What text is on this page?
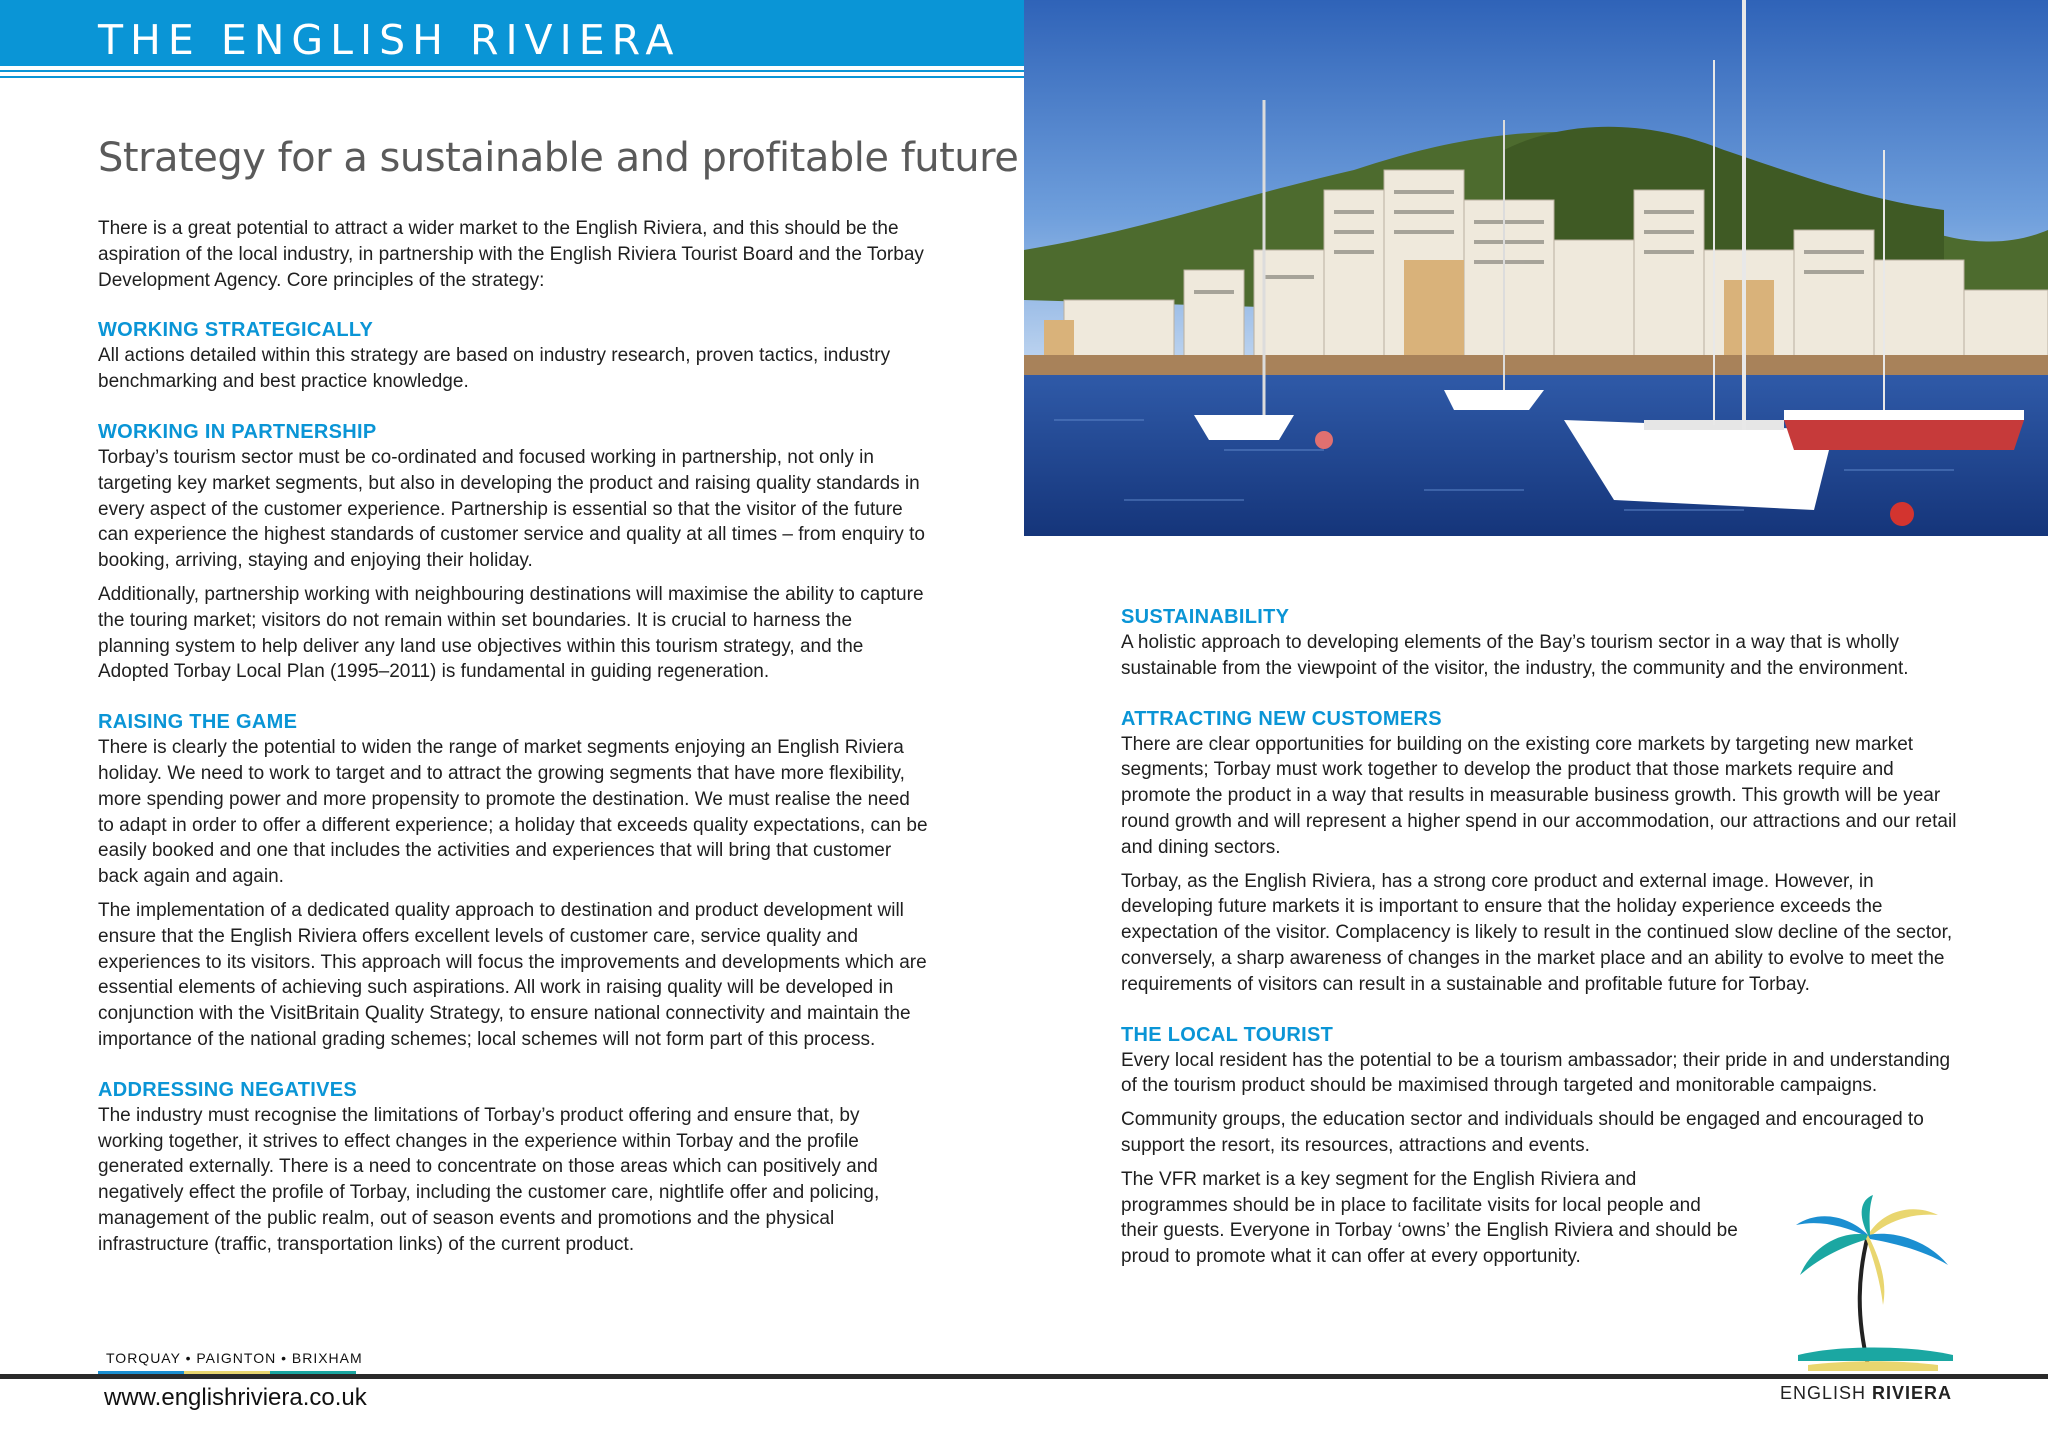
THE ENGLISH RIVIERA
Strategy for a sustainable and profitable future

There is a great potential to attract a wider market to the English Riviera, and this should be the aspiration of the local industry, in partnership with the English Riviera Tourist Board and the Torbay Development Agency. Core principles of the strategy:

WORKING STRATEGICALLY

All actions detailed within this strategy are based on industry research, proven tactics, industry benchmarking and best practice knowledge.

WORKING IN PARTNERSHIP

Torbay’s tourism sector must be co-ordinated and focused working in partnership, not only in targeting key market segments, but also in developing the product and raising quality standards in every aspect of the customer experience. Partnership is essential so that the visitor of the future can experience the highest standards of customer service and quality at all times – from enquiry to booking, arriving, staying and enjoying their holiday.

Additionally, partnership working with neighbouring destinations will maximise the ability to capture the touring market; visitors do not remain within set boundaries. It is crucial to harness the planning system to help deliver any land use objectives within this tourism strategy, and the Adopted Torbay Local Plan (1995–2011) is fundamental in guiding regeneration.

RAISING THE GAME

There is clearly the potential to widen the range of market segments enjoying an English Riviera holiday. We need to work to target and to attract the growing segments that have more flexibility, more spending power and more propensity to promote the destination. We must realise the need to adapt in order to offer a different experience; a holiday that exceeds quality expectations, can be easily booked and one that includes the activities and experiences that will bring that customer back again and again.

The implementation of a dedicated quality approach to destination and product development will ensure that the English Riviera offers excellent levels of customer care, service quality and experiences to its visitors. This approach will focus the improvements and developments which are essential elements of achieving such aspirations. All work in raising quality will be developed in conjunction with the VisitBritain Quality Strategy, to ensure national connectivity and maintain the importance of the national grading schemes; local schemes will not form part of this process.

ADDRESSING NEGATIVES

The industry must recognise the limitations of Torbay’s product offering and ensure that, by working together, it strives to effect changes in the experience within Torbay and the profile generated externally. There is a need to concentrate on those areas which can positively and negatively effect the profile of Torbay, including the customer care, nightlife offer and policing, management of the public realm, out of season events and promotions and the physical infrastructure (traffic, transportation links) of the current product.

SUSTAINABILITY

A holistic approach to developing elements of the Bay’s tourism sector in a way that is wholly sustainable from the viewpoint of the visitor, the industry, the community and the environment.

ATTRACTING NEW CUSTOMERS

There are clear opportunities for building on the existing core markets by targeting new market segments; Torbay must work together to develop the product that those markets require and promote the product in a way that results in measurable business growth. This growth will be year round growth and will represent a higher spend in our accommodation, our attractions and our retail and dining sectors.

Torbay, as the English Riviera, has a strong core product and external image. However, in developing future markets it is important to ensure that the holiday experience exceeds the expectation of the visitor. Complacency is likely to result in the continued slow decline of the sector, conversely, a sharp awareness of changes in the market place and an ability to evolve to meet the requirements of visitors can result in a sustainable and profitable future for Torbay.

THE LOCAL TOURIST

Every local resident has the potential to be a tourism ambassador; their pride in and understanding of the tourism product should be maximised through targeted and monitorable campaigns.

Community groups, the education sector and individuals should be engaged and encouraged to support the resort, its resources, attractions and events.

The VFR market is a key segment for the English Riviera and programmes should be in place to facilitate visits for local people and their guests. Everyone in Torbay ‘owns’ the English Riviera and should be proud to promote what it can offer at every opportunity.

TORQUAY • PAIGNTON • BRIXHAM
www.englishriviera.co.uk	ENGLISH RIVIERA
